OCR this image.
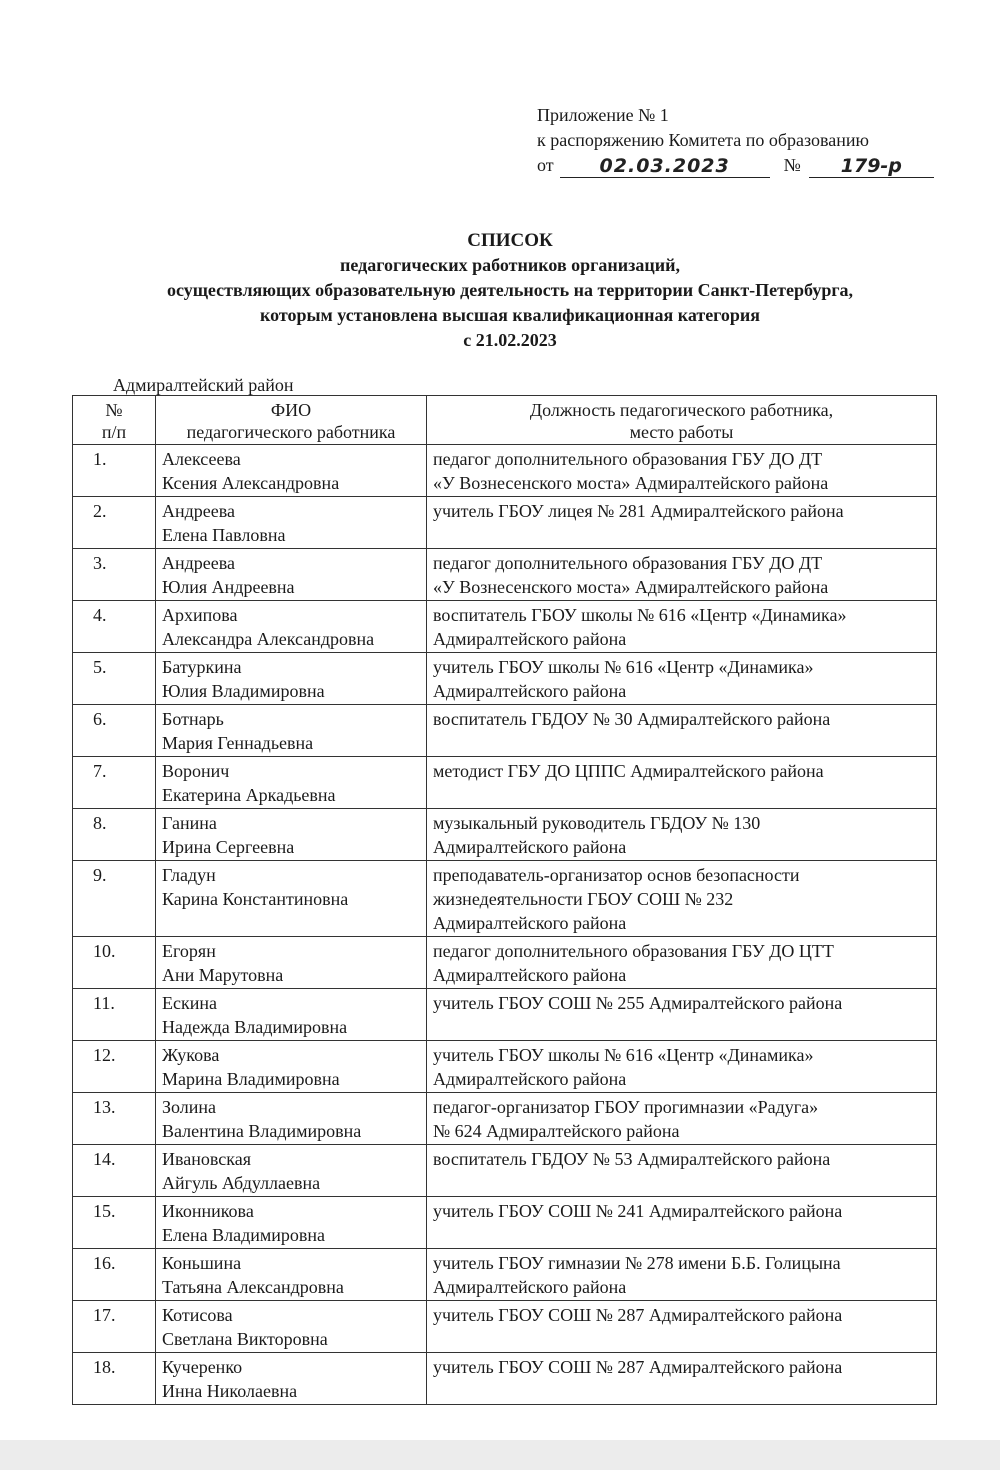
Приложение № 1
к распоряжению Комитета по образованию
от	02.03.2023	№	179-р
СПИСОК
педагогических работников организаций,
осуществляющих образовательную деятельность на территории Санкт-Петербурга,
которым установлена высшая квалификационная категория
с 21.02.2023
Адмиралтейский район
№
п/п	ФИО
педагогического работника	Должность педагогического работника,
место работы

1.	Алексеева
Ксения Александровна	педагог дополнительного образования ГБУ ДО ДТ
«У Вознесенского моста» Адмиралтейского района

2.	Андреева
Елена Павловна	учитель ГБОУ лицея № 281 Адмиралтейского района

3.	Андреева
Юлия Андреевна	педагог дополнительного образования ГБУ ДО ДТ
«У Вознесенского моста» Адмиралтейского района

4.	Архипова
Александра Александровна	воспитатель ГБОУ школы № 616 «Центр «Динамика»
Адмиралтейского района

5.	Батуркина
Юлия Владимировна	учитель ГБОУ школы № 616 «Центр «Динамика»
Адмиралтейского района

6.	Ботнарь
Мария Геннадьевна	воспитатель ГБДОУ № 30 Адмиралтейского района

7.	Воронич
Екатерина Аркадьевна	методист ГБУ ДО ЦППС Адмиралтейского района

8.	Ганина
Ирина Сергеевна	музыкальный руководитель ГБДОУ № 130
Адмиралтейского района

9.	Гладун
Карина Константиновна	преподаватель-организатор основ безопасности
жизнедеятельности ГБОУ СОШ № 232
Адмиралтейского района

10.	Егорян
Ани Марутовна	педагог дополнительного образования ГБУ ДО ЦТТ
Адмиралтейского района

11.	Ескина
Надежда Владимировна	учитель ГБОУ СОШ № 255 Адмиралтейского района

12.	Жукова
Марина Владимировна	учитель ГБОУ школы № 616 «Центр «Динамика»
Адмиралтейского района

13.	Золина
Валентина Владимировна	педагог-организатор ГБОУ прогимназии «Радуга»
№ 624 Адмиралтейского района

14.	Ивановская
Айгуль Абдуллаевна	воспитатель ГБДОУ № 53 Адмиралтейского района

15.	Иконникова
Елена Владимировна	учитель ГБОУ СОШ № 241 Адмиралтейского района

16.	Коньшина
Татьяна Александровна	учитель ГБОУ гимназии № 278 имени Б.Б. Голицына
Адмиралтейского района

17.	Котисова
Светлана Викторовна	учитель ГБОУ СОШ № 287 Адмиралтейского района

18.	Кучеренко
Инна Николаевна	учитель ГБОУ СОШ № 287 Адмиралтейского района
